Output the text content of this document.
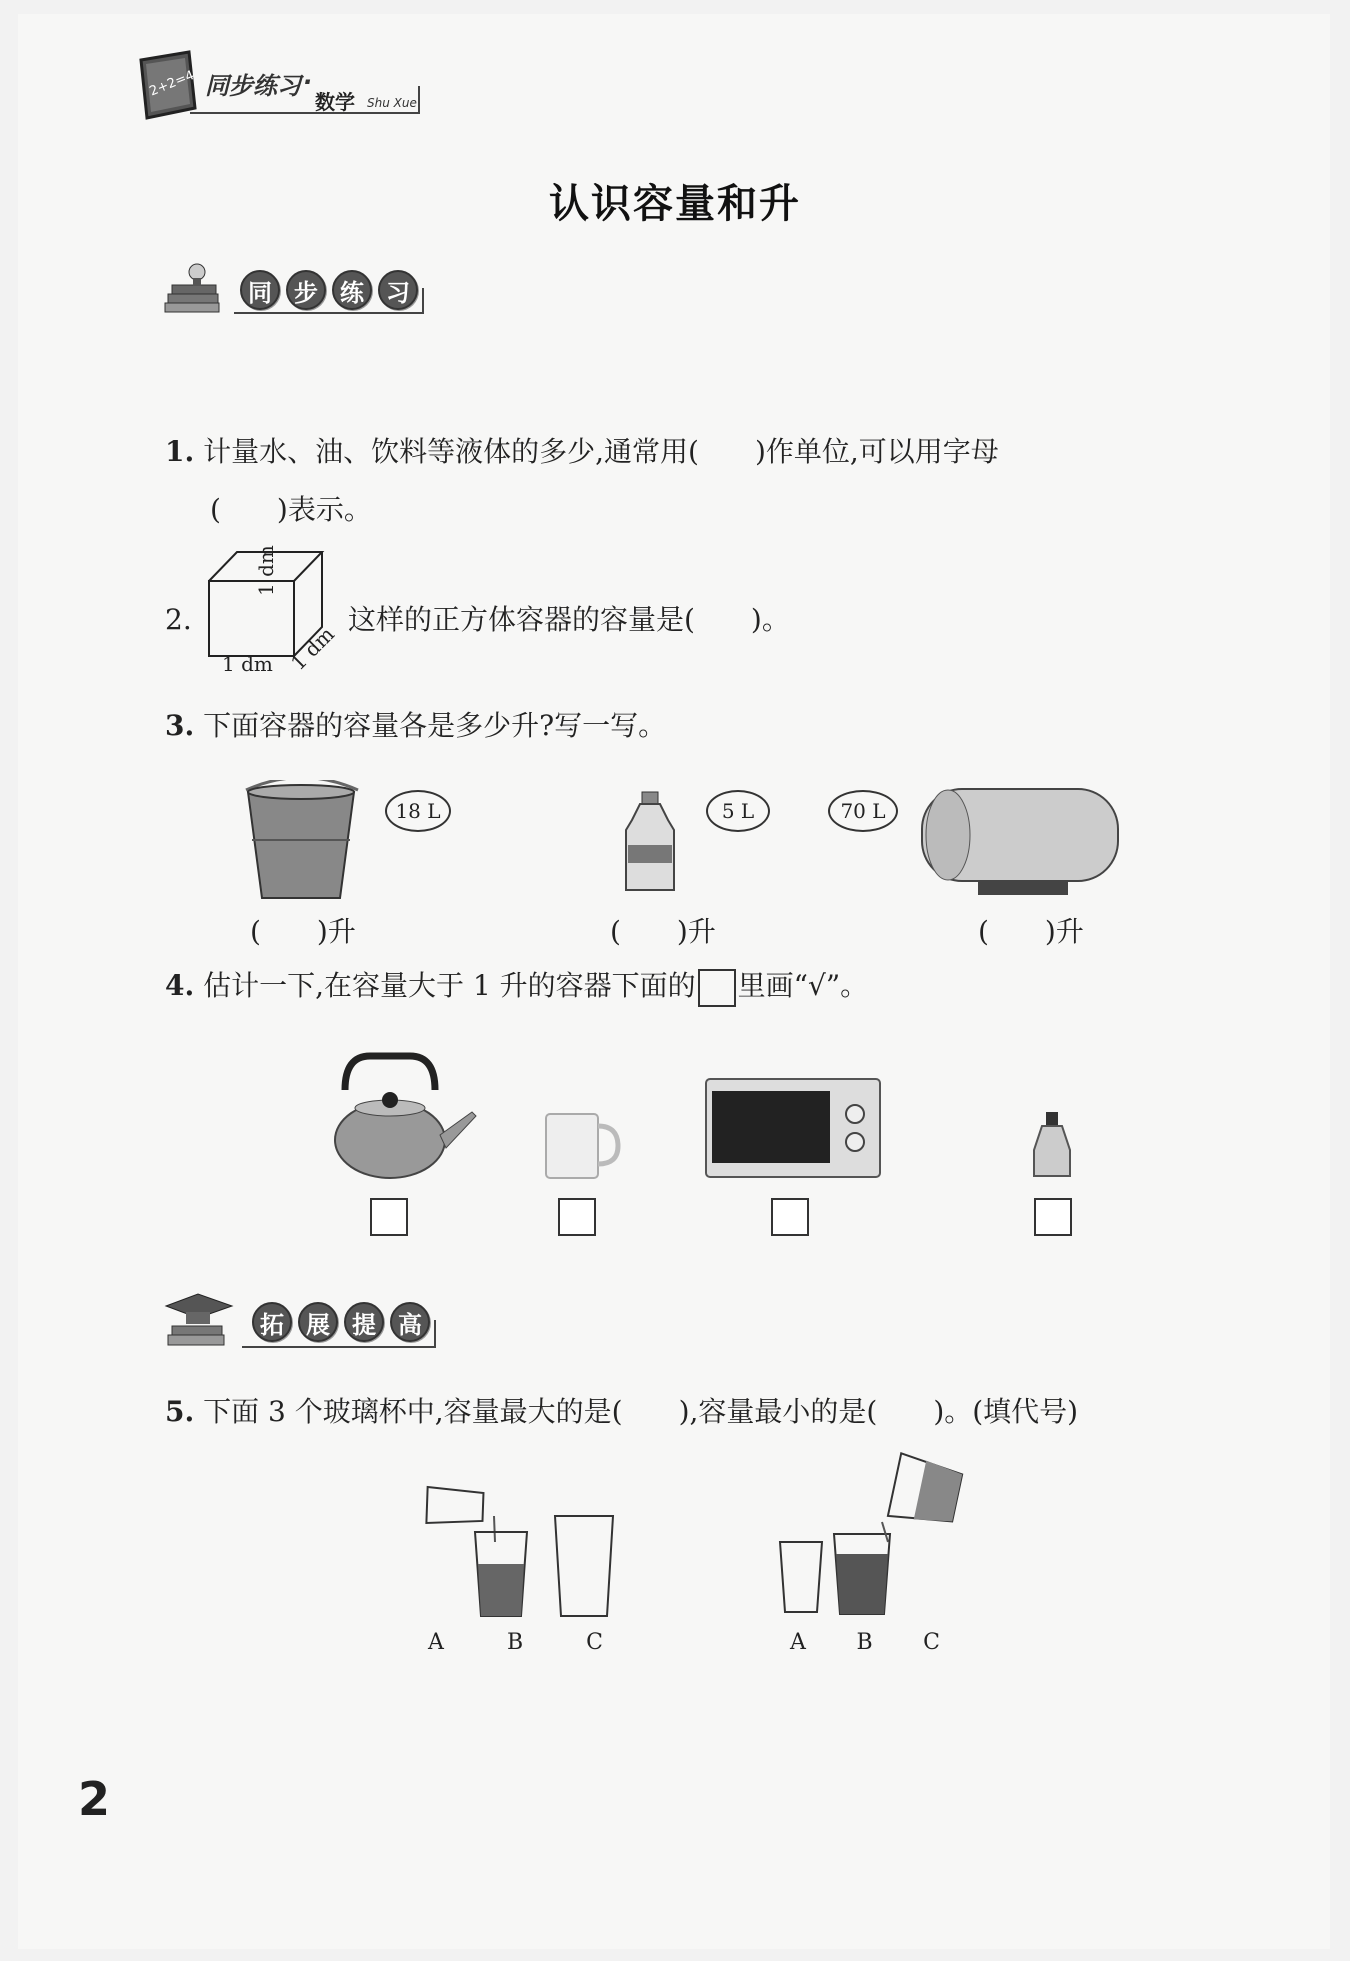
2+2=4 同步练习 ·
数学 Shu Xue
认识容量和升
同 步 练 习
1. 计量水、油、饮料等液体的多少,通常用(　　)作单位,可以用字母
(　　)表示。
2.
1 dm
1 dm 1 dm
这样的正方体容器的容量是(　　)。
3. 下面容器的容量各是多少升?写一写。
18 L
(　　)升
5 L
(　　)升
70 L
(　　)升
4. 估计一下,在容量大于 1 升的容器下面的 里画“√”。
拓 展 提 高
5. 下面 3 个玻璃杯中,容量最大的是(　　),容量最小的是(　　)。(填代号)
A	B	C	A B C
2
